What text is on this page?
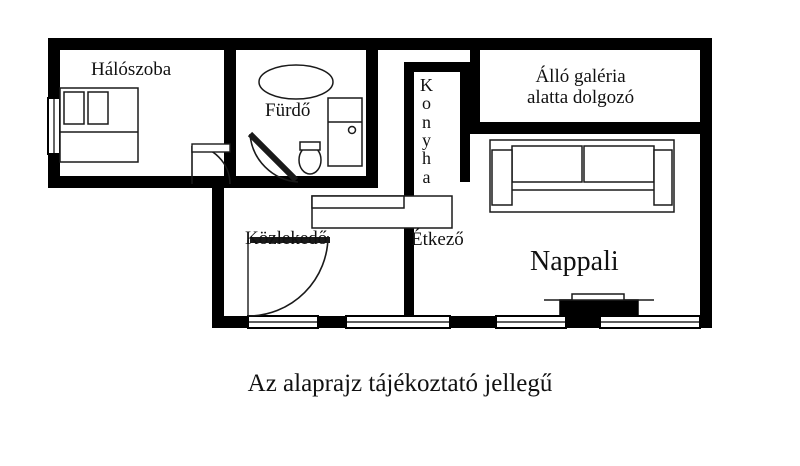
Hálószoba
Fürdő
K
o
n
y
h
a
Álló galéria
alatta dolgozó
Közlekedő	Étkező
Nappali
Az alaprajz tájékoztató jellegű
